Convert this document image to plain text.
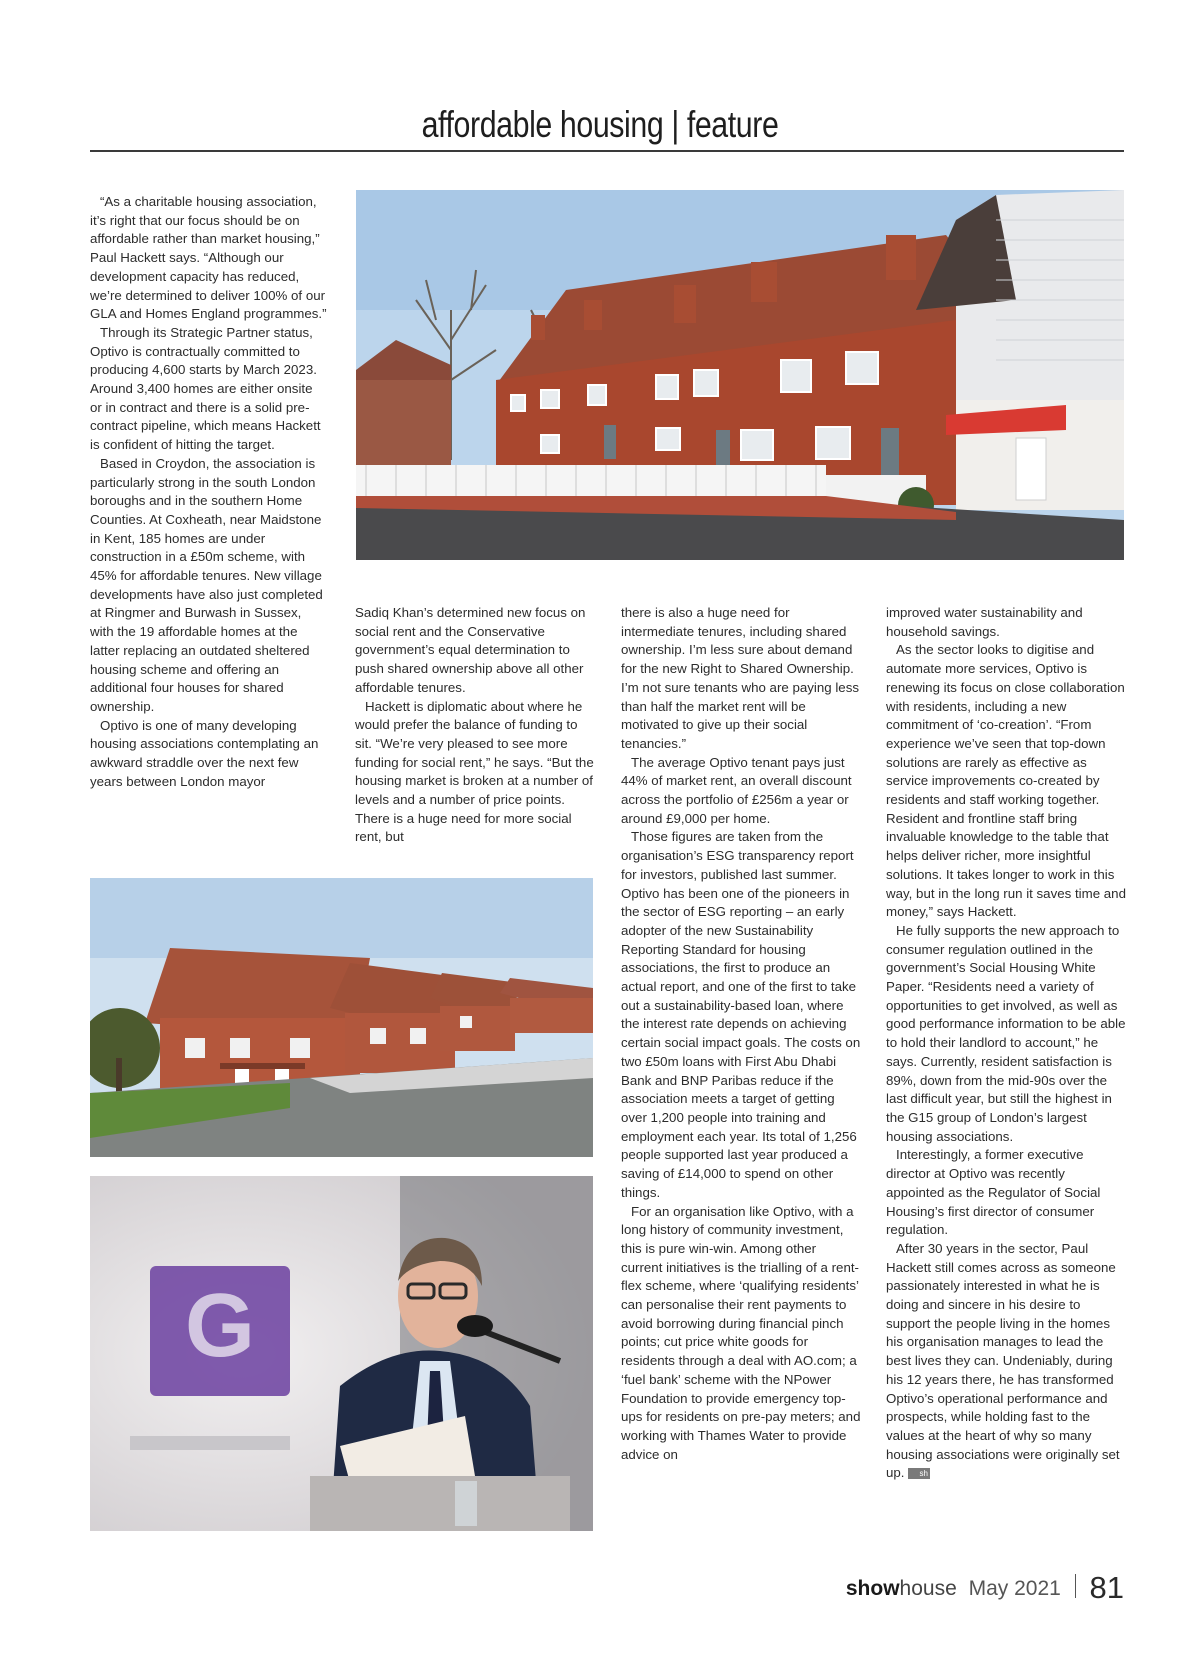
affordable housing | feature

“As a charitable housing association, it’s right that our focus should be on affordable rather than market housing,” Paul Hackett says. “Although our development capacity has reduced, we’re determined to deliver 100% of our GLA and Homes England programmes.”

Through its Strategic Partner status, Optivo is contractually committed to producing 4,600 starts by March 2023. Around 3,400 homes are either onsite or in contract and there is a solid pre-contract pipeline, which means Hackett is confident of hitting the target.

Based in Croydon, the association is particularly strong in the south London boroughs and in the southern Home Counties. At Coxheath, near Maidstone in Kent, 185 homes are under construction in a £50m scheme, with 45% for affordable tenures. New village developments have also just completed at Ringmer and Burwash in Sussex, with the 19 affordable homes at the latter replacing an outdated sheltered housing scheme and offering an additional four houses for shared ownership.

Optivo is one of many developing housing associations contemplating an awkward straddle over the next few years between London mayor

Sadiq Khan’s determined new focus on social rent and the Conservative government’s equal determination to push shared ownership above all other affordable tenures.

Hackett is diplomatic about where he would prefer the balance of funding to sit. “We’re very pleased to see more funding for social rent,” he says. “But the housing market is broken at a number of levels and a number of price points. There is a huge need for more social rent, but

there is also a huge need for intermediate tenures, including shared ownership. I’m less sure about demand for the new Right to Shared Ownership. I’m not sure tenants who are paying less than half the market rent will be motivated to give up their social tenancies.”

The average Optivo tenant pays just 44% of market rent, an overall discount across the portfolio of £256m a year or around £9,000 per home.

Those figures are taken from the organisation’s ESG transparency report for investors, published last summer. Optivo has been one of the pioneers in the sector of ESG reporting – an early adopter of the new Sustainability Reporting Standard for housing associations, the first to produce an actual report, and one of the first to take out a sustainability-based loan, where the interest rate depends on achieving certain social impact goals. The costs on two £50m loans with First Abu Dhabi Bank and BNP Paribas reduce if the association meets a target of getting over 1,200 people into training and employment each year. Its total of 1,256 people supported last year produced a saving of £14,000 to spend on other things.

For an organisation like Optivo, with a long history of community investment, this is pure win-win. Among other current initiatives is the trialling of a rent-flex scheme, where ‘qualifying residents’ can personalise their rent payments to avoid borrowing during financial pinch points; cut price white goods for residents through a deal with AO.com; a ‘fuel bank’ scheme with the NPower Foundation to provide emergency top-ups for residents on pre-pay meters; and working with Thames Water to provide advice on

improved water sustainability and household savings.

As the sector looks to digitise and automate more services, Optivo is renewing its focus on close collaboration with residents, including a new commitment of ‘co-creation’. “From experience we’ve seen that top-down solutions are rarely as effective as service improvements co-created by residents and staff working together. Resident and frontline staff bring invaluable knowledge to the table that helps deliver richer, more insightful solutions. It takes longer to work in this way, but in the long run it saves time and money,” says Hackett.

He fully supports the new approach to consumer regulation outlined in the government’s Social Housing White Paper. “Residents need a variety of opportunities to get involved, as well as good performance information to be able to hold their landlord to account,” he says. Currently, resident satisfaction is 89%, down from the mid-90s over the last difficult year, but still the highest in the G15 group of London’s largest housing associations.

Interestingly, a former executive director at Optivo was recently appointed as the Regulator of Social Housing’s first director of consumer regulation.

After 30 years in the sector, Paul Hackett still comes across as someone passionately interested in what he is doing and sincere in his desire to support the people living in the homes his organisation manages to lead the best lives they can. Undeniably, during his 12 years there, he has transformed Optivo’s operational performance and prospects, while holding fast to the values at the heart of why so many housing associations were originally set up. sh

G
showhouse May 2021 81
